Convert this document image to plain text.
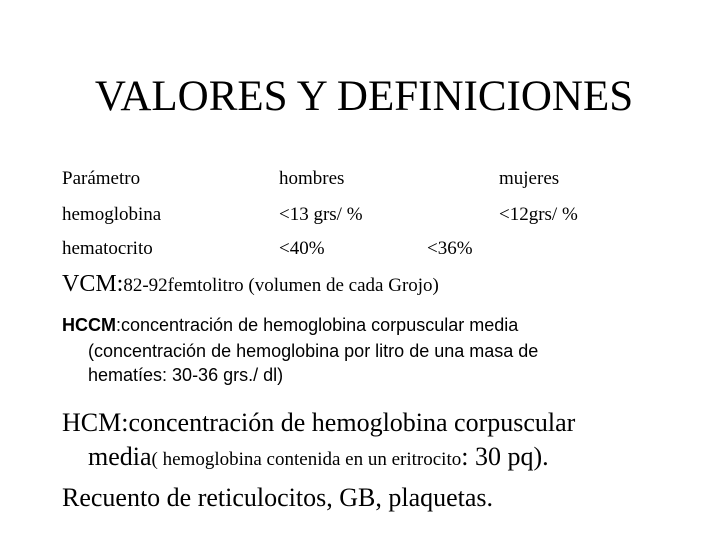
VALORES Y DEFINICIONES
Parámetro	hombres	mujeres
hemoglobina	<13 grs/ %	<12grs/ %
hematocrito	<40%	<36%
VCM:82-92femtolitro (volumen de cada Grojo)
HCCM:concentración de hemoglobina corpuscular media
(concentración de hemoglobina por litro de una masa de
hematíes: 30-36 grs./ dl)
HCM:concentración de hemoglobina corpuscular
media( hemoglobina contenida en un eritrocito: 30 pq).
Recuento de reticulocitos, GB, plaquetas.
